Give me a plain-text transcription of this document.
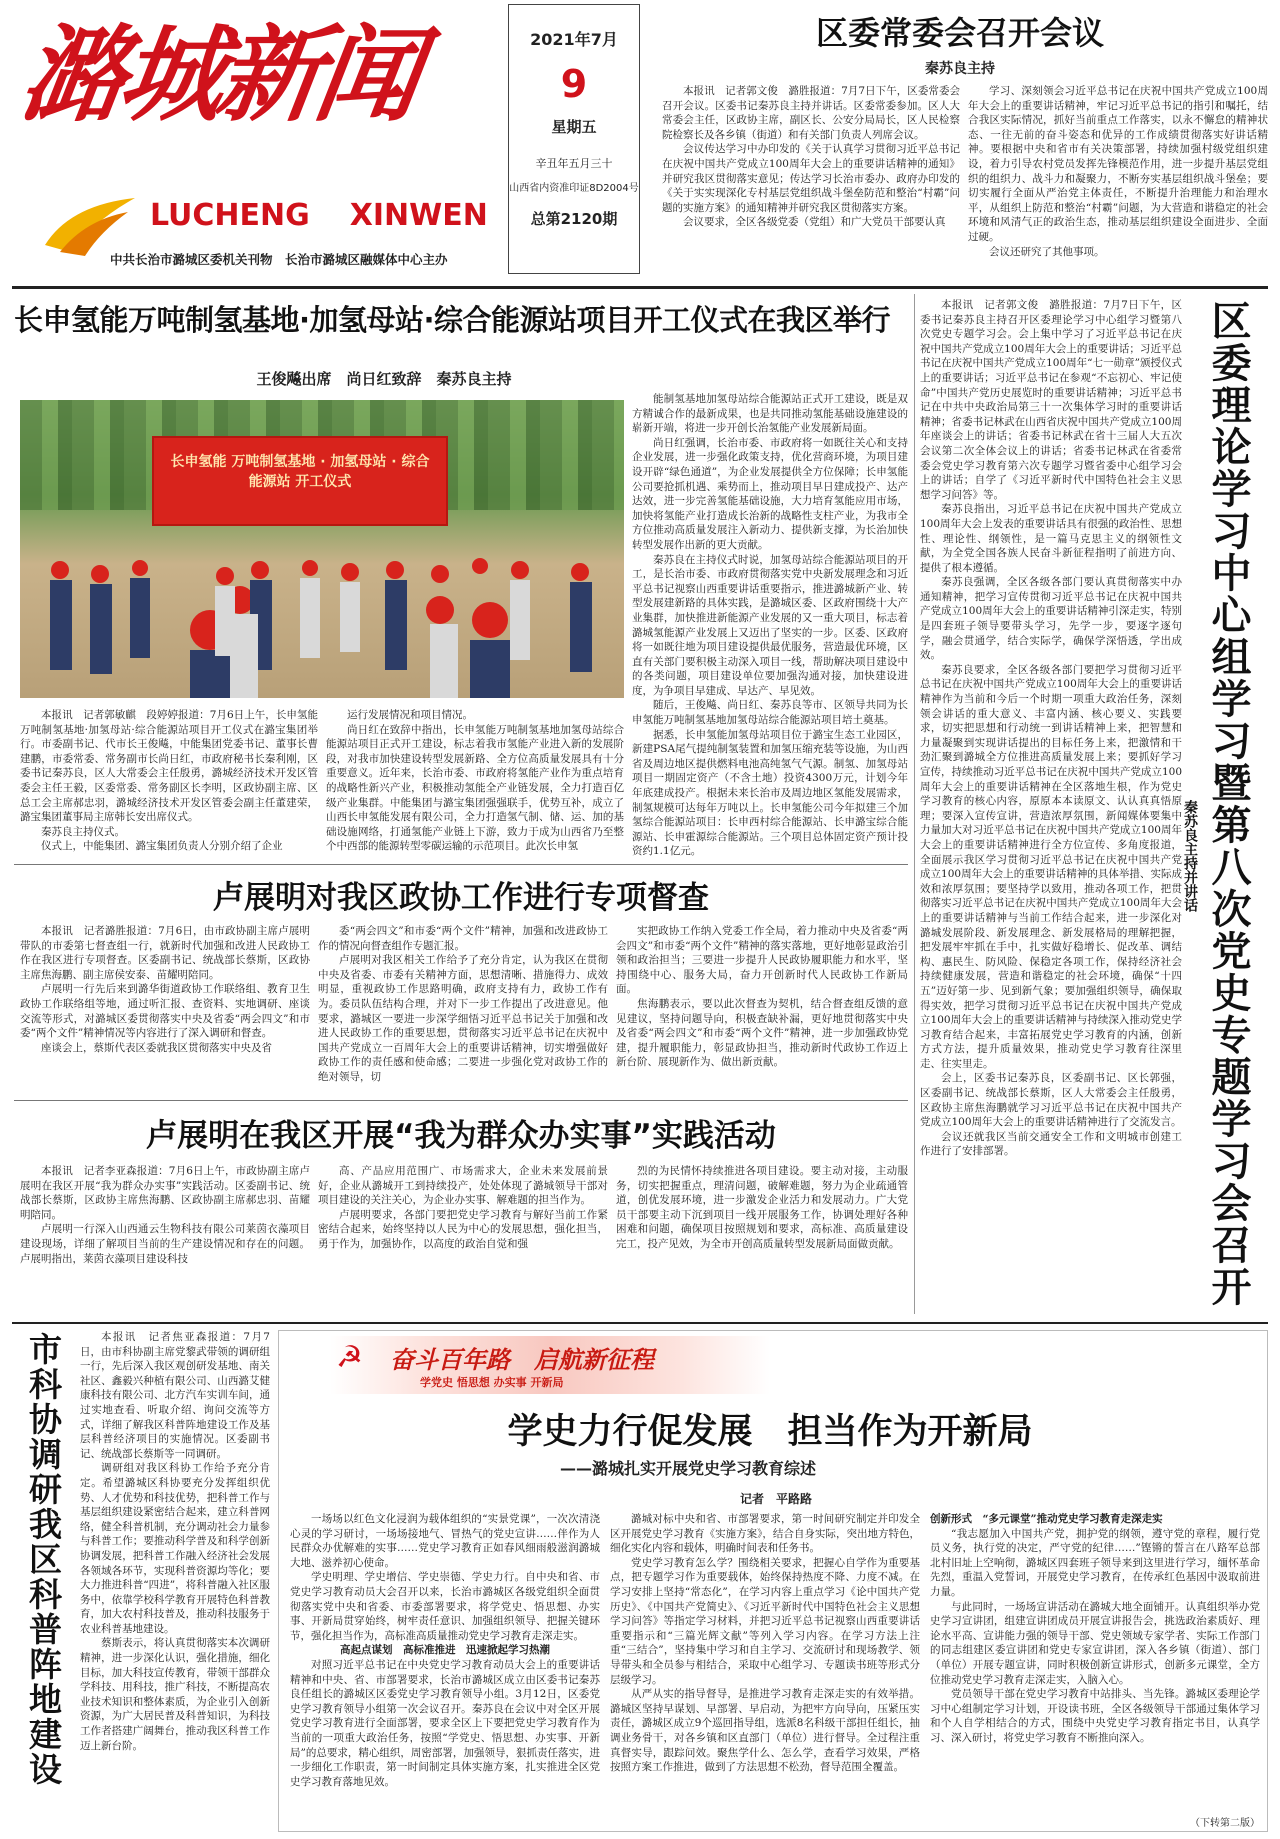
潞城新闻
LUCHENG XINWEN
中共长治市潞城区委机关刊物　长治市潞城区融媒体中心主办
2021年7月
9
星期五
辛丑年五月三十
山西省内资准印证8D2004号
总第2120期
区委常委会召开会议
秦苏良主持

本报讯　记者郭文俊　潞胜报道：7月7日下午，区委常委会召开会议。区委书记秦苏良主持并讲话。区委常委参加。区人大常委会主任，区政协主席，副区长、公安分局局长，区人民检察院检察长及各乡镇（街道）和有关部门负责人列席会议。

会议传达学习中办印发的《关于认真学习贯彻习近平总书记在庆祝中国共产党成立100周年大会上的重要讲话精神的通知》并研究我区贯彻落实意见；传达学习长治市委办、政府办印发的《关于实实现深化专村基层党组织战斗堡垒防范和整治“村霸”问题的实施方案》的通知精神并研究我区贯彻落实方案。

会议要求，全区各级党委（党组）和广大党员干部要认真

学习、深刻领会习近平总书记在庆祝中国共产党成立100周年大会上的重要讲话精神，牢记习近平总书记的指引和嘱托，结合我区实际情况，抓好当前重点工作落实，以永不懈怠的精神状态、一往无前的奋斗姿态和优异的工作成绩贯彻落实好讲话精神。要根据中央和省市有关决策部署，持续加强村级党组织建设，着力引导农村党员发挥先锋模范作用，进一步提升基层党组织的组织力、战斗力和凝聚力，不断夯实基层组织战斗堡垒；要切实履行全面从严治党主体责任，不断提升治理能力和治理水平，从组织上防范和整治“村霸”问题，为大营造和谐稳定的社会环境和风清气正的政治生态，推动基层组织建设全面进步、全面过硬。

会议还研究了其他事项。

长申氢能万吨制氢基地·加氢母站·综合能源站项目开工仪式在我区举行
王俊飚出席　尚日红致辞　秦苏良主持
长申氢能 万吨制氢基地 · 加氢母站 · 综合能源站 开工仪式

本报讯　记者郭敏麒　段婷婷报道：7月6日上午，长申氢能万吨制氢基地·加氢母站·综合能源站项目开工仪式在潞宝集团举行。市委副书记、代市长王俊飚，中能集团党委书记、董事长曹建鹏，市委常委、常务副市长尚日红，市政府秘书长秦利刚，区委书记秦苏良，区人大常委会主任殷勇，潞城经济技术开发区管委会主任王毅，区委常委、常务副区长李明，区政协副主席、区总工会主席郝忠羽，潞城经济技术开发区管委会副主任董建荣，潞宝集团董事局主席韩长安出席仪式。

秦苏良主持仪式。

仪式上，中能集团、潞宝集团负责人分别介绍了企业

运行发展情况和项目情况。

尚日红在致辞中指出，长申氢能万吨制氢基地加氢母站综合能源站项目正式开工建设，标志着我市氢能产业进入新的发展阶段，对我市加快建设转型发展新路、全方位高质量发展具有十分重要意义。近年来，长治市委、市政府将氢能产业作为重点培育的战略性新兴产业，积极推动氢能全产业链发展，全力打造百亿级产业集群。中能集团与潞宝集团强强联手，优势互补，成立了山西长申氢能发展有限公司，全力打造氢气制、储、运、加的基础设施网络，打通氢能产业链上下游，致力于成为山西省乃至整个中西部的能源转型零碳运输的示范项目。此次长申氢

能制氢基地加氢母站综合能源站正式开工建设，既是双方精诚合作的最新成果，也是共同推动氢能基础设施建设的崭新开端，将进一步开创长治氢能产业发展新局面。

尚日红强调，长治市委、市政府将一如既往关心和支持企业发展，进一步强化政策支持，优化营商环境，为项目建设开辟“绿色通道”，为企业发展提供全方位保障；长申氢能公司要抢抓机遇、乘势而上，推动项目早日建成投产、达产达效，进一步完善氢能基础设施，大力培育氢能应用市场，加快将氢能产业打造成长治新的战略性支柱产业，为我市全方位推动高质量发展注入新动力、提供新支撑，为长治加快转型发展作出新的更大贡献。

秦苏良在主持仪式时说，加氢母站综合能源站项目的开工，是长治市委、市政府贯彻落实党中央新发展理念和习近平总书记视察山西重要讲话重要指示，推进潞城新产业、转型发展建新路的具体实践，是潞城区委、区政府围绕十大产业集群，加快推进新能源产业发展的又一重大项目，标志着潞城氢能源产业发展上又迈出了坚实的一步。区委、区政府将一如既往地为项目建设提供最优服务，营造最优环境，区直有关部门要积极主动深入项目一线，帮助解决项目建设中的各类问题，项目建设单位要加强沟通对接，加快建设进度，为争项目早建成、早达产、早见效。

随后，王俊飚、尚日红、秦苏良等市、区领导共同为长申氢能万吨制氢基地加氢母站综合能源站项目培土奠基。

据悉，长申氢能加氢母站项目位于潞宝生态工业园区，新建PSA尾气提纯制氢装置和加氢压缩充装等设施，为山西省及周边地区提供燃料电池高纯氢气气源。制氢、加氢母站项目一期固定资产（不含土地）投资4300万元，计划今年年底建成投产。根据未来长治市及周边地区氢能发展需求，制氢规模可达每年万吨以上。长申氢能公司今年拟建三个加氢综合能源站项目：长申西村综合能源站、长申潞宝综合能源站、长申霍源综合能源站。三个项目总体固定资产预计投资约1.1亿元。

卢展明对我区政协工作进行专项督查

本报讯　记者潞胜报道：7月6日，由市政协副主席卢展明带队的市委第七督查组一行，就新时代加强和改进人民政协工作在我区进行专项督查。区委副书记、统战部长蔡斯，区政协主席焦海鹏、副主席侯安泰、苗耀明陪同。

卢展明一行先后来到潞华街道政协工作联络组、教育卫生政协工作联络组等地，通过听汇报、查资料、实地调研、座谈交流等形式，对潞城区委贯彻落实中央及省委“两会四文”和市委“两个文件”精神情况等内容进行了深入调研和督查。

座谈会上，蔡斯代表区委就我区贯彻落实中央及省

委“两会四文”和市委“两个文件”精神，加强和改进政协工作的情况向督查组作专题汇报。

卢展明对我区相关工作给予了充分肯定，认为我区在贯彻中央及省委、市委有关精神方面，思想清晰、措施得力、成效明显，重视政协工作思路明确，政府支持有力，政协工作有为。委员队伍结构合理，并对下一步工作提出了改进意见。他要求，潞城区一要进一步深学细悟习近平总书记关于加强和改进人民政协工作的重要思想，贯彻落实习近平总书记在庆祝中国共产党成立一百周年大会上的重要讲话精神，切实增强做好政协工作的责任感和使命感；二要进一步强化党对政协工作的绝对领导，切

实把政协工作纳入党委工作全局，着力推动中央及省委“两会四文”和市委“两个文件”精神的落实落地，更好地彰显政治引领和政治担当；三要进一步提升人民政协履职能力和水平，坚持围绕中心、服务大局，奋力开创新时代人民政协工作新局面。

焦海鹏表示，要以此次督查为契机，结合督查组反馈的意见建议，坚持问题导向，积极查缺补漏，更好地贯彻落实中央及省委“两会四文”和市委“两个文件”精神，进一步加强政协党建，提升履职能力，彰显政协担当，推动新时代政协工作迈上新台阶、展现新作为、做出新贡献。

卢展明在我区开展“我为群众办实事”实践活动

本报讯　记者李亚森报道：7月6日上午，市政协副主席卢展明在我区开展“我为群众办实事”实践活动。区委副书记、统战部长蔡斯，区政协主席焦海鹏、区政协副主席郝忠羽、苗耀明陪同。

卢展明一行深入山西通云生物科技有限公司莱茵衣藻项目建设现场，详细了解项目当前的生产建设情况和存在的问题。卢展明指出，莱茵衣藻项目建设科技

高、产品应用范围广、市场需求大，企业未来发展前景好，企业从潞城开工到持续投产，处处体现了潞城领导干部对项目建设的关注关心，为企业办实事、解难题的担当作为。

卢展明要求，各部门要把党史学习教育与解好当前工作紧密结合起来，始终坚持以人民为中心的发展思想，强化担当，勇于作为，加强协作，以高度的政治自觉和强

烈的为民情怀持续推进各项目建设。要主动对接，主动服务，切实把握重点，理清问题，破解难题，努力为企业疏通管道，创优发展环境，进一步激发企业活力和发展动力。广大党员干部要主动下沉到项目一线开展服务工作，协调处理好各种困难和问题，确保项目按照规划和要求，高标准、高质量建设完工，投产见效，为全市开创高质量转型发展新局面做贡献。

本报讯　记者郭文俊　潞胜报道：7月7日下午，区委书记秦苏良主持召开区委理论学习中心组学习暨第八次党史专题学习会。会上集中学习了习近平总书记在庆祝中国共产党成立100周年大会上的重要讲话；习近平总书记在庆祝中国共产党成立100周年“七一勋章”颁授仪式上的重要讲话；习近平总书记在参观“不忘初心、牢记使命”中国共产党历史展览时的重要讲话精神；习近平总书记在中共中央政治局第三十一次集体学习时的重要讲话精神；省委书记林武在山西省庆祝中国共产党成立100周年座谈会上的讲话；省委书记林武在省十三届人大五次会议第二次全体会议上的讲话；省委书记林武在省委常委会党史学习教育第六次专题学习暨省委中心组学习会上的讲话；自学了《习近平新时代中国特色社会主义思想学习问答》等。

秦苏良指出，习近平总书记在庆祝中国共产党成立100周年大会上发表的重要讲话具有很强的政治性、思想性、理论性、纲领性，是一篇马克思主义的纲领性文献，为全党全国各族人民奋斗新征程指明了前进方向、提供了根本遵循。

秦苏良强调，全区各级各部门要认真贯彻落实中办通知精神，把学习宣传贯彻习近平总书记在庆祝中国共产党成立100周年大会上的重要讲话精神引深走实，特别是四套班子领导要带头学习，先学一步，要逐字逐句学，融会贯通学，结合实际学，确保学深悟透，学出成效。

秦苏良要求，全区各级各部门要把学习贯彻习近平总书记在庆祝中国共产党成立100周年大会上的重要讲话精神作为当前和今后一个时期一项重大政治任务，深刻领会讲话的重大意义、丰富内涵、核心要义、实践要求，切实把思想和行动统一到讲话精神上来，把智慧和力量凝聚到实现讲话提出的目标任务上来，把激情和干劲汇聚到潞城全方位推进高质量发展上来；要抓好学习宣传，持续推动习近平总书记在庆祝中国共产党成立100周年大会上的重要讲话精神在全区落地生根，作为党史学习教育的核心内容，原原本本读原文、认认真真悟原理；要深入宣传宣讲，营造浓厚氛围，新闻媒体要集中力量加大对习近平总书记在庆祝中国共产党成立100周年大会上的重要讲话精神进行全方位宣传、多角度报道，全面展示我区学习贯彻习近平总书记在庆祝中国共产党成立100周年大会上的重要讲话精神的具体举措、实际成效和浓厚氛围；要坚持学以致用，推动各项工作，把贯彻落实习近平总书记在庆祝中国共产党成立100周年大会上的重要讲话精神与当前工作结合起来，进一步深化对潞城发展阶段、新发展理念、新发展格局的理解把握，把发展牢牢抓在手中，扎实做好稳增长、促改革、调结构、惠民生、防风险、保稳定各项工作，保持经济社会持续健康发展，营造和谐稳定的社会环境，确保“十四五”迈好第一步、见到新气象；要加强组织领导，确保取得实效，把学习贯彻习近平总书记在庆祝中国共产党成立100周年大会上的重要讲话精神与持续深入推动党史学习教育结合起来，丰富拓展党史学习教育的内涵，创新方式方法，提升质量效果，推动党史学习教育往深里走、往实里走。

会上，区委书记秦苏良，区委副书记、区长郭强，区委副书记、统战部长蔡斯，区人大常委会主任殷勇，区政协主席焦海鹏就学习习近平总书记在庆祝中国共产党成立100周年大会上的重要讲话精神进行了交流发言。

会议还就我区当前交通安全工作和文明城市创建工作进行了安排部署。	区委理论学习中心组学习暨第八次党史专题学习会召开
秦苏良主持并讲话
市科协调研我区科普阵地建设	本报讯　记者焦亚森报道：7月7日，由市科协副主席党黎武带领的调研组一行，先后深入我区观创研发基地、南关社区、鑫毅兴种植有限公司、山西潞艾健康科技有限公司、北方汽车实训车间，通过实地查看、听取介绍、询问交流等方式，详细了解我区科普阵地建设工作及基层科普经济项目的实施情况。区委副书记、统战部长蔡斯等一同调研。

调研组对我区科协工作给予充分肯定。希望潞城区科协要充分发挥组织优势、人才优势和科技优势，把科普工作与基层组织建设紧密结合起来，建立科普网络，健全科普机制，充分调动社会力量参与科普工作；要推动科学普及和科学创新协调发展，把科普工作融入经济社会发展各领域各环节，实现科普资源均等化；要大力推进科普“四进”，将科普融入社区服务中，依靠学校科学教育开展特色科普教育，加大农村科技普及，推动科技服务于农业科普基地建设。

蔡斯表示，将认真贯彻落实本次调研精神，进一步深化认识，强化措施，细化目标，加大科技宣传教育，带领干部群众学科技、用科技，推广科技，不断提高农业技术知识和整体素质，为企业引入创新资源，为广大居民普及科普知识，为科技工作者搭建广阔舞台，推动我区科普工作迈上新台阶。

☭ 奋斗百年路　启航新征程
学党史 悟思想 办实事 开新局
学史力行促发展　担当作为开新局
——潞城扎实开展党史学习教育综述
记者　平路路

一场场以红色文化浸润为载体组织的“实景党课”，一次次清浇心灵的学习研讨，一场场接地气、冒热气的党史宣讲……伴作为人民群众办优解难的实事……党史学习教育正如春风细雨般滋润潞城大地、滋养初心使命。

学史明理、学史增信、学史崇德、学史力行。自中央和省、市党史学习教育动员大会召开以来，长治市潞城区各级党组织全面贯彻落实党中央和省委、市委部署要求，将学党史、悟思想、办实事、开新局贯穿始终，树牢责任意识、加强组织领导、把握关键环节，强化担当作为，高标准高质量推动党史学习教育走深走实。

高起点谋划　高标准推进　迅速掀起学习热潮

对照习近平总书记在中央党史学习教育动员大会上的重要讲话精神和中央、省、市部署要求，长治市潞城区成立由区委书记秦苏良任组长的潞城区区委党史学习教育领导小组。3月12日，区委党史学习教育领导小组第一次会议召开。秦苏良在会议中对全区开展党史学习教育进行全面部署，要求全区上下要把党史学习教育作为当前的一项重大政治任务，按照“学党史、悟思想、办实事、开新局”的总要求，精心组织，周密部署，加强领导，狠抓责任落实，进一步细化工作职责，第一时间制定具体实施方案，扎实推进全区党史学习教育落地见效。

潞城对标中央和省、市部署要求，第一时间研究制定并印发全区开展党史学习教育《实施方案》，结合自身实际，突出地方特色，细化实化内容和载体，明确时间表和任务书。

党史学习教育怎么学？围绕相关要求，把握心自学作为重要基点，把专题学习作为重要载体，始终保持热度不降、力度不减。在学习安排上坚持“常态化”，在学习内容上重点学习《论中国共产党历史》、《中国共产党简史》、《习近平新时代中国特色社会主义思想学习问答》等指定学习材料，并把习近平总书记视察山西重要讲话重要指示和“三篇光辉文献”等列入学习内容。在学习方法上注重“三结合”，坚持集中学习和自主学习、交流研讨和现场教学、领导带头和全员参与相结合，采取中心组学习、专题读书班等形式分层级学习。

从严从实的指导督导，是推进学习教育走深走实的有效举措。潞城区坚持早谋划、早部署、早启动，为把牢方向导向，压紧压实责任，潞城区成立9个巡回指导组，选派8名科级干部担任组长，抽调业务骨干，对各乡镇和区直部门（单位）进行督导。全过程注重真督实导，跟踪问效。聚焦学什么、怎么学，查看学习效果，严格按照方案工作推进，做到了方法思想不松劲，督导范围全覆盖。

创新形式　“多元课堂”推动党史学习教育走深走实

“我志愿加入中国共产党，拥护党的纲领，遵守党的章程，履行党员义务，执行党的决定，严守党的纪律……”铿锵的誓言在八路军总部北村旧址上空响彻，潞城区四套班子领导来到这里进行学习，缅怀革命先烈，重温入党誓词，开展党史学习教育，在传承红色基因中汲取前进力量。

与此同时，一场场宣讲活动在潞城大地全面铺开。认真组织举办党史学习宣讲团，组建宣讲团成员开展宣讲报告会，挑选政治素质好、理论水平高、宣讲能力强的领导干部、党史领域专家学者、实际工作部门的同志组建区委宣讲团和党史专家宣讲团，深入各乡镇（街道）、部门（单位）开展专题宣讲，同时积极创新宣讲形式，创新多元课堂，全方位推动党史学习教育走深走实，入脑入心。

党员领导干部在党史学习教育中站排头、当先锋。潞城区委理论学习中心组制定学习计划，开设读书班，全区各级领导干部通过集体学习和个人自学相结合的方式，围绕中央党史学习教育指定书目，认真学习、深入研讨，将党史学习教育不断推向深入。

（下转第二版）
